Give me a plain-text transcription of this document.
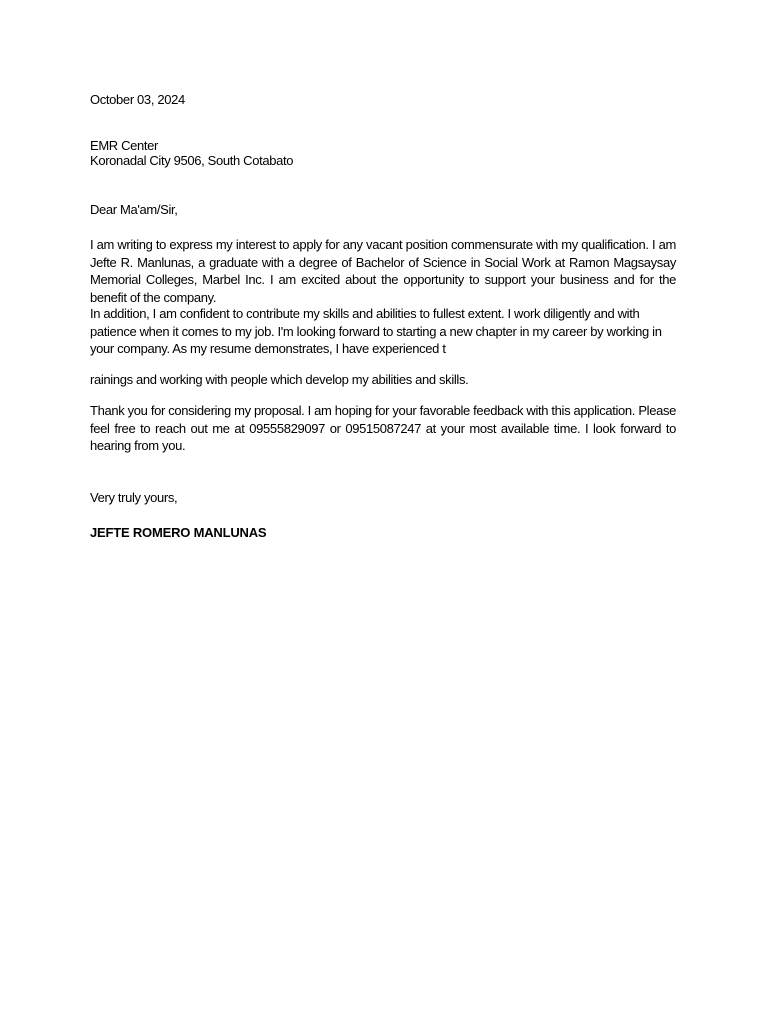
October 03, 2024

EMR Center

Koronadal City 9506, South Cotabato

Dear Ma'am/Sir,

I am writing to express my interest to apply for any vacant position commensurate with my qualification. I am Jefte R. Manlunas, a graduate with a degree of Bachelor of Science in Social Work at Ramon Magsaysay Memorial Colleges, Marbel Inc. I am excited about the opportunity to support your business and for the benefit of the company.

In addition, I am confident to contribute my skills and abilities to fullest extent. I work diligently and with patience when it comes to my job. I'm looking forward to starting a new chapter in my career by working in your company. As my resume demonstrates, I have experienced t

rainings and working with people which develop my abilities and skills.

Thank you for considering my proposal. I am hoping for your favorable feedback with this application. Please feel free to reach out me at 09555829097 or 09515087247 at your most available time. I look forward to hearing from you.

Very truly yours,

JEFTE ROMERO MANLUNAS
